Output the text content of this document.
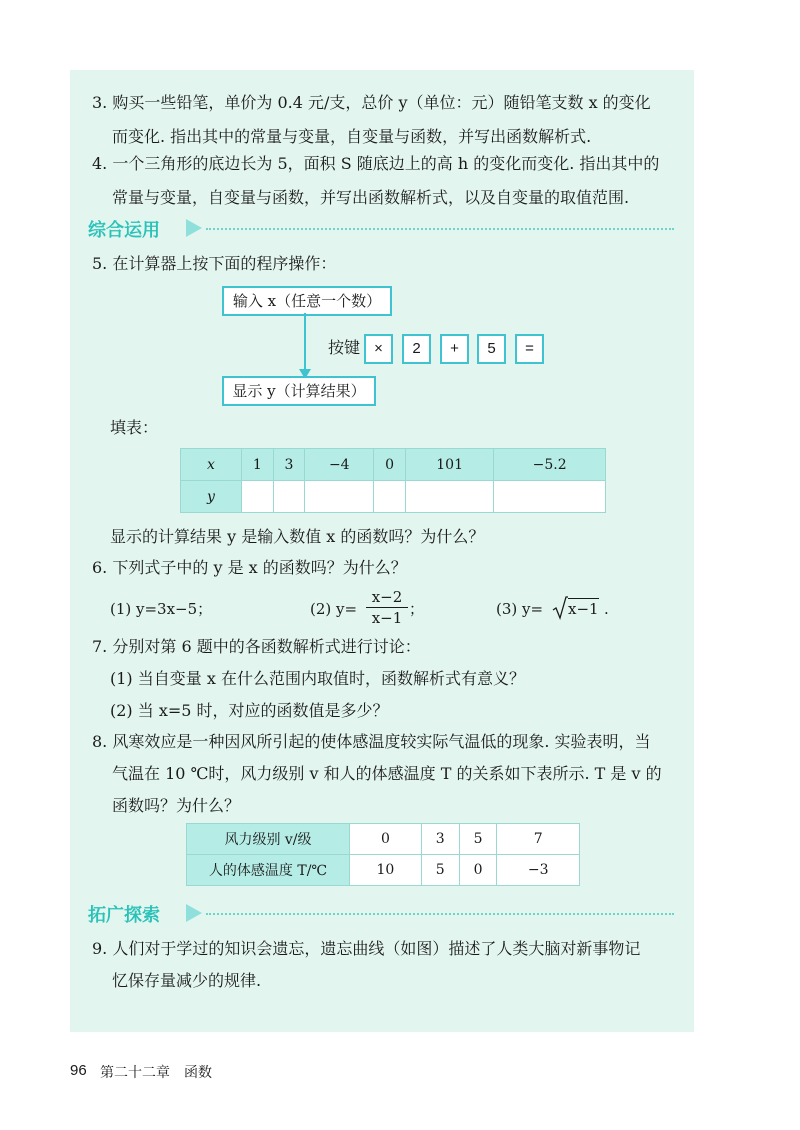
3. 购买一些铅笔，单价为 0.4 元/支，总价 y（单位：元）随铅笔支数 x 的变化
而变化. 指出其中的常量与变量，自变量与函数，并写出函数解析式.
4. 一个三角形的底边长为 5，面积 S 随底边上的高 h 的变化而变化. 指出其中的
常量与变量，自变量与函数，并写出函数解析式，以及自变量的取值范围.
综合运用
5. 在计算器上按下面的程序操作：
输入 x（任意一个数）
按键 ×	2	+	5	=
显示 y（计算结果）
填表：
x	1	3	−4	0	101	−5.2
y						
显示的计算结果 y 是输入数值 x 的函数吗？为什么？
6. 下列式子中的 y 是 x 的函数吗？为什么？
(1) y=3x−5；	(2) $y= \frac{x-2}{x-1}$ ；	(3) y= x−1 .
7. 分别对第 6 题中的各函数解析式进行讨论：
(1) 当自变量 x 在什么范围内取值时，函数解析式有意义？
(2) 当 x=5 时，对应的函数值是多少？
8. 风寒效应是一种因风所引起的使体感温度较实际气温低的现象. 实验表明，当
气温在 10 ℃时，风力级别 v 和人的体感温度 T 的关系如下表所示. T 是 v 的
函数吗？为什么？
风力级别 v/级	0	3	5	7
人的体感温度 T/℃	10	5	0	−3
拓广探索
9. 人们对于学过的知识会遗忘，遗忘曲线（如图）描述了人类大脑对新事物记
忆保存量减少的规律.
96 第二十二章　函数
